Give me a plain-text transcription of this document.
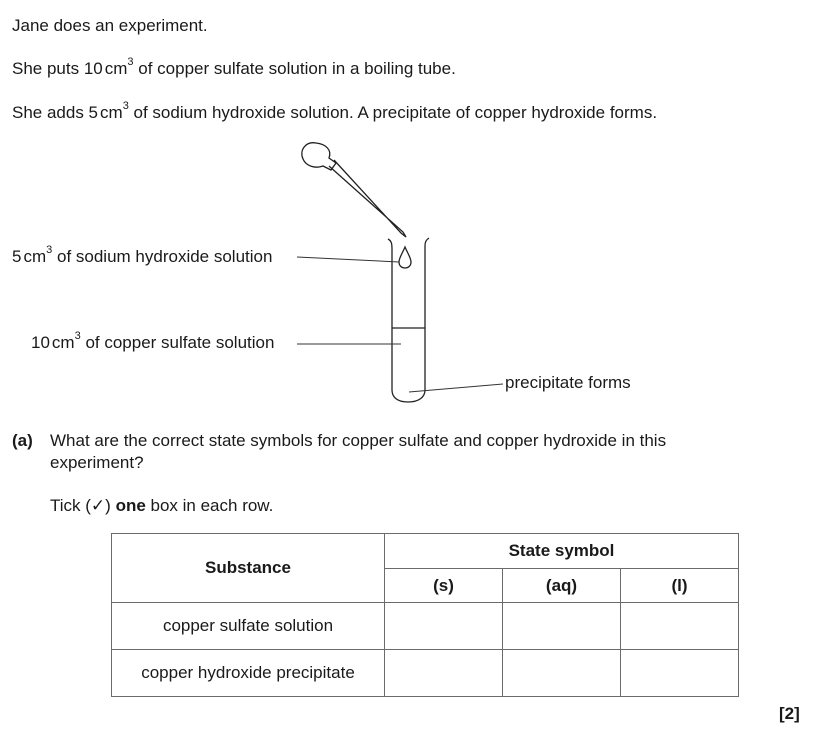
Jane does an experiment.
She puts 10 $cm^3$ of copper sulfate solution in a boiling tube.
She adds 5 $cm^3$ of sodium hydroxide solution. A precipitate of copper hydroxide forms.
5 $cm^3$ of sodium hydroxide solution
10 $cm^3$ of copper sulfate solution
precipitate forms
(a) What are the correct state symbols for copper sulfate and copper hydroxide in this
experiment?
Tick (✓) one box in each row.
Substance	State symbol		
	(s)	(aq)	(l)
copper sulfate solution			
copper hydroxide precipitate			
[2]
